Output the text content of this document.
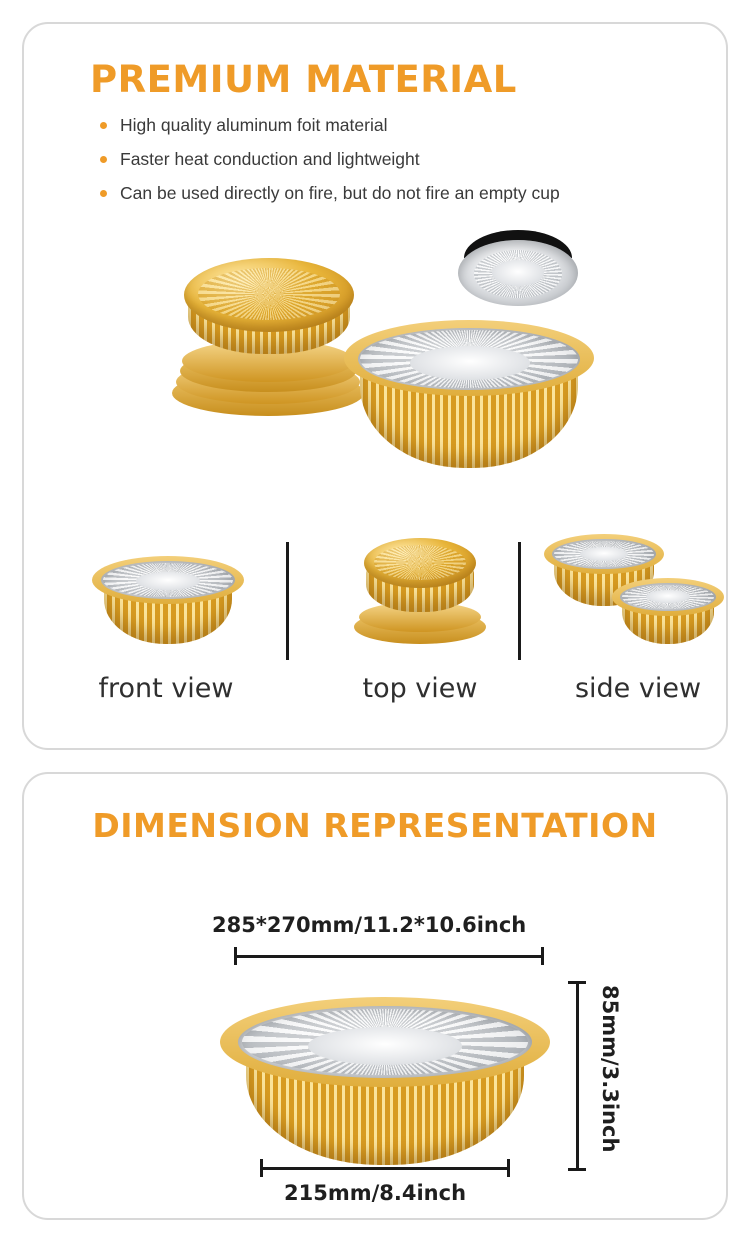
PREMIUM MATERIAL
High quality aluminum foit material
Faster heat conduction and lightweight
Can be used directly on fire, but do not fire an empty cup
front view	top view	side view
DIMENSION REPRESENTATION
285*270mm/11.2*10.6inch
85mm/3.3inch
215mm/8.4inch
